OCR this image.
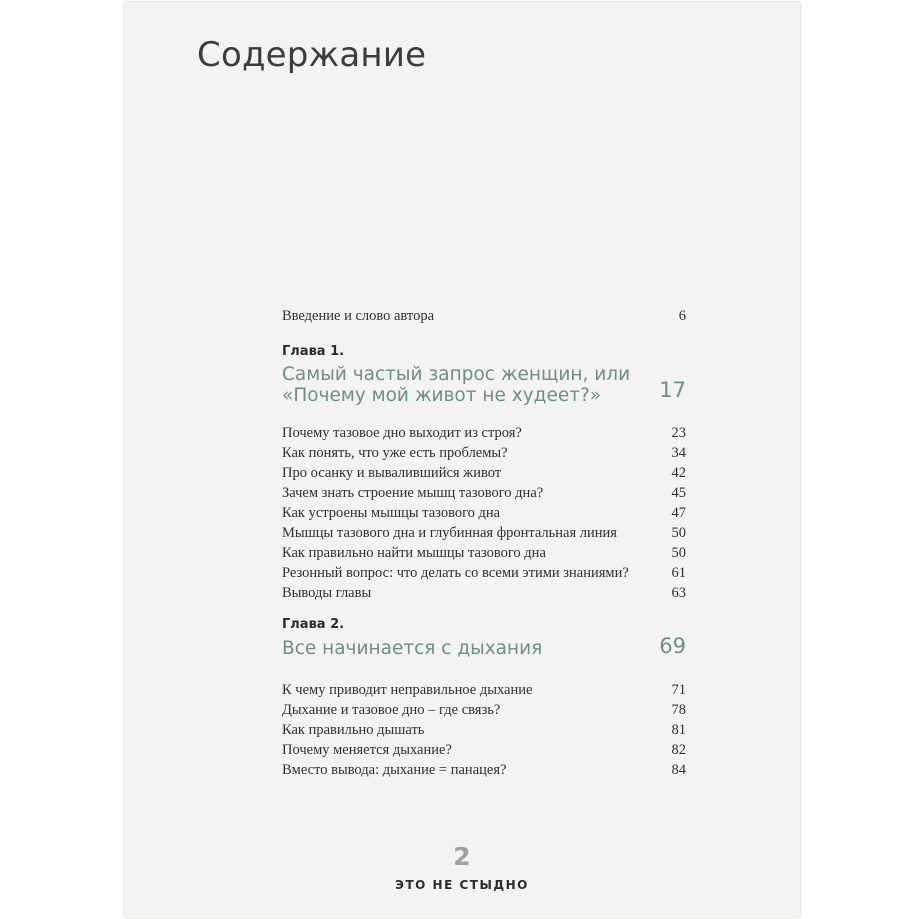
Содержание
Введение и слово автора	6
Глава 1.
Самый частый запрос женщин, или
«Почему мой живот не худеет?»	17
Почему тазовое дно выходит из строя?	23
Как понять, что уже есть проблемы?	34
Про осанку и вывалившийся живот	42
Зачем знать строение мышц тазового дна?	45
Как устроены мышцы тазового дна	47
Мышцы тазового дна и глубинная фронтальная линия	50
Как правильно найти мышцы тазового дна	50
Резонный вопрос: что делать со всеми этими знаниями?	61
Выводы главы	63
Глава 2.
Все начинается с дыхания	69
К чему приводит неправильное дыхание	71
Дыхание и тазовое дно – где связь?	78
Как правильно дышать	81
Почему меняется дыхание?	82
Вместо вывода: дыхание = панацея?	84
2
ЭТО НЕ СТЫДНО
